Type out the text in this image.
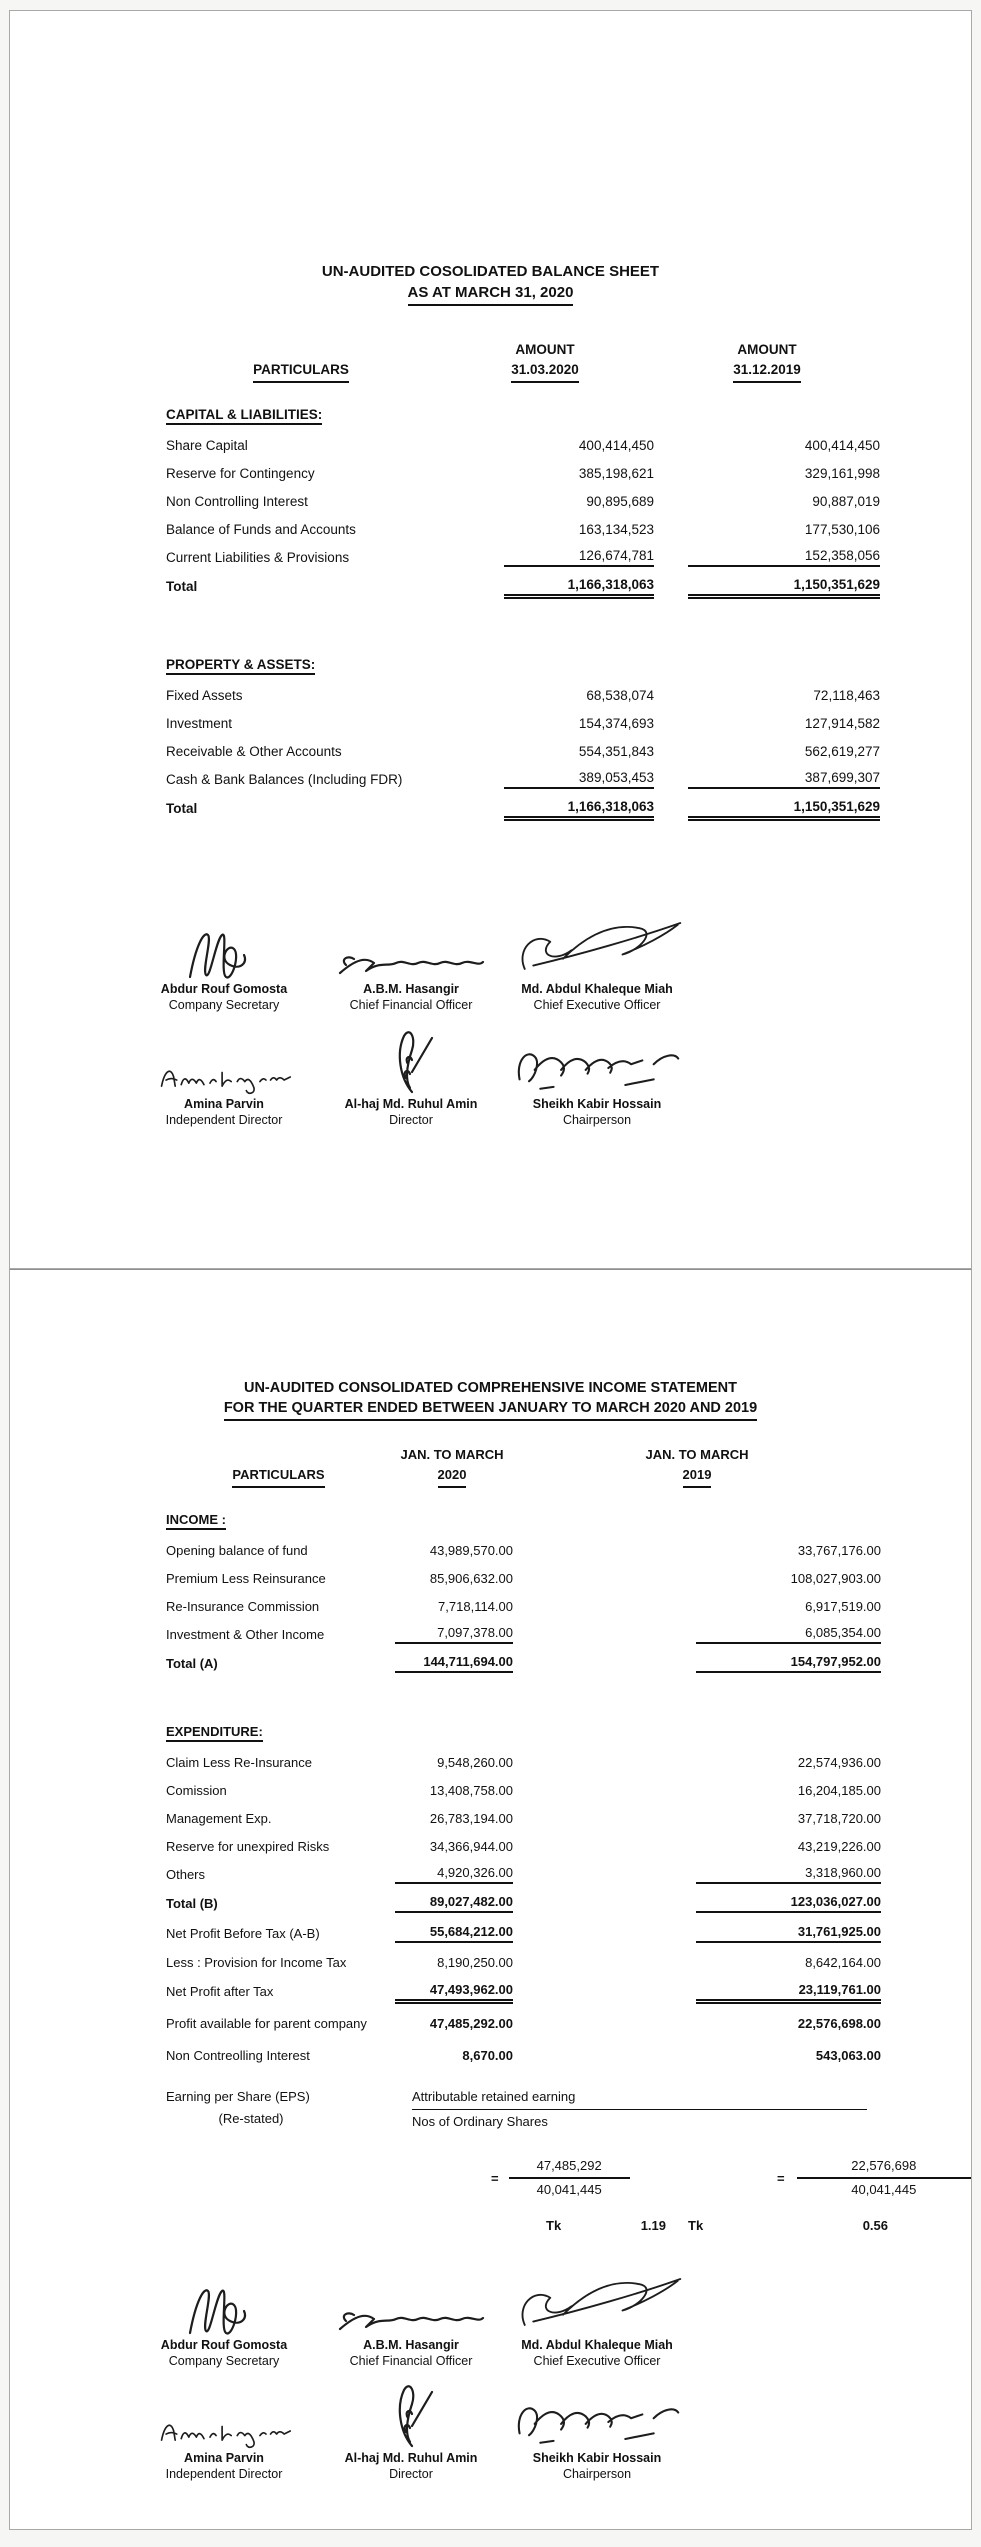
UN-AUDITED COSOLIDATED BALANCE SHEET
AS AT MARCH 31, 2020
PARTICULARS	
AMOUNT
31.03.2020

AMOUNT
31.12.2019

CAPITAL & LIABILITIES:		
Share Capital	400,414,450	400,414,450
Reserve for Contingency	385,198,621	329,161,998
Non Controlling Interest	90,895,689	90,887,019
Balance of Funds and Accounts	163,134,523	177,530,106
Current Liabilities & Provisions	126,674,781	152,358,056
Total	1,166,318,063	1,150,351,629

PROPERTY & ASSETS:		
Fixed Assets	68,538,074	72,118,463
Investment	154,374,693	127,914,582
Receivable & Other Accounts	554,351,843	562,619,277
Cash & Bank Balances (Including FDR)	389,053,453	387,699,307
Total	1,166,318,063	1,150,351,629
Abdur Rouf Gomosta
Company Secretary
A.B.M. Hasangir
Chief Financial Officer
Md. Abdul Khaleque Miah
Chief Executive Officer
Amina Parvin
Independent Director
Al-haj Md. Ruhul Amin
Director
Sheikh Kabir Hossain
Chairperson
UN-AUDITED CONSOLIDATED COMPREHENSIVE INCOME STATEMENT
FOR THE QUARTER ENDED BETWEEN JANUARY TO MARCH 2020 AND 2019
PARTICULARS	
JAN. TO MARCH
2020

JAN. TO MARCH
2019

INCOME :		
Opening balance of fund	43,989,570.00	33,767,176.00
Premium Less Reinsurance	85,906,632.00	108,027,903.00
Re-Insurance Commission	7,718,114.00	6,917,519.00
Investment & Other Income	7,097,378.00	6,085,354.00
Total (A)	144,711,694.00	154,797,952.00

EXPENDITURE:		
Claim Less Re-Insurance	9,548,260.00	22,574,936.00
Comission	13,408,758.00	16,204,185.00
Management Exp.	26,783,194.00	37,718,720.00
Reserve for unexpired Risks	34,366,944.00	43,219,226.00
Others	4,920,326.00	3,318,960.00
Total (B)	89,027,482.00	123,036,027.00
Net Profit Before Tax (A-B)	55,684,212.00	31,761,925.00
Less : Provision for Income Tax	8,190,250.00	8,642,164.00
Net Profit after Tax	47,493,962.00	23,119,761.00
Profit available for parent company	47,485,292.00	22,576,698.00
Non Contreolling Interest	8,670.00	543,063.00
Earning per Share (EPS)
(Re-stated)	$\frac{\text{Attributable retained earning}}{\text{Nos of Ordinary Shares}}$
= $\frac{47,485,292}{40,041,445}$	= $\frac{22,576,698}{40,041,445}$
Tk	1.19 Tk	0.56
Abdur Rouf Gomosta
Company Secretary
A.B.M. Hasangir
Chief Financial Officer
Md. Abdul Khaleque Miah
Chief Executive Officer
Amina Parvin
Independent Director
Al-haj Md. Ruhul Amin
Director
Sheikh Kabir Hossain
Chairperson
